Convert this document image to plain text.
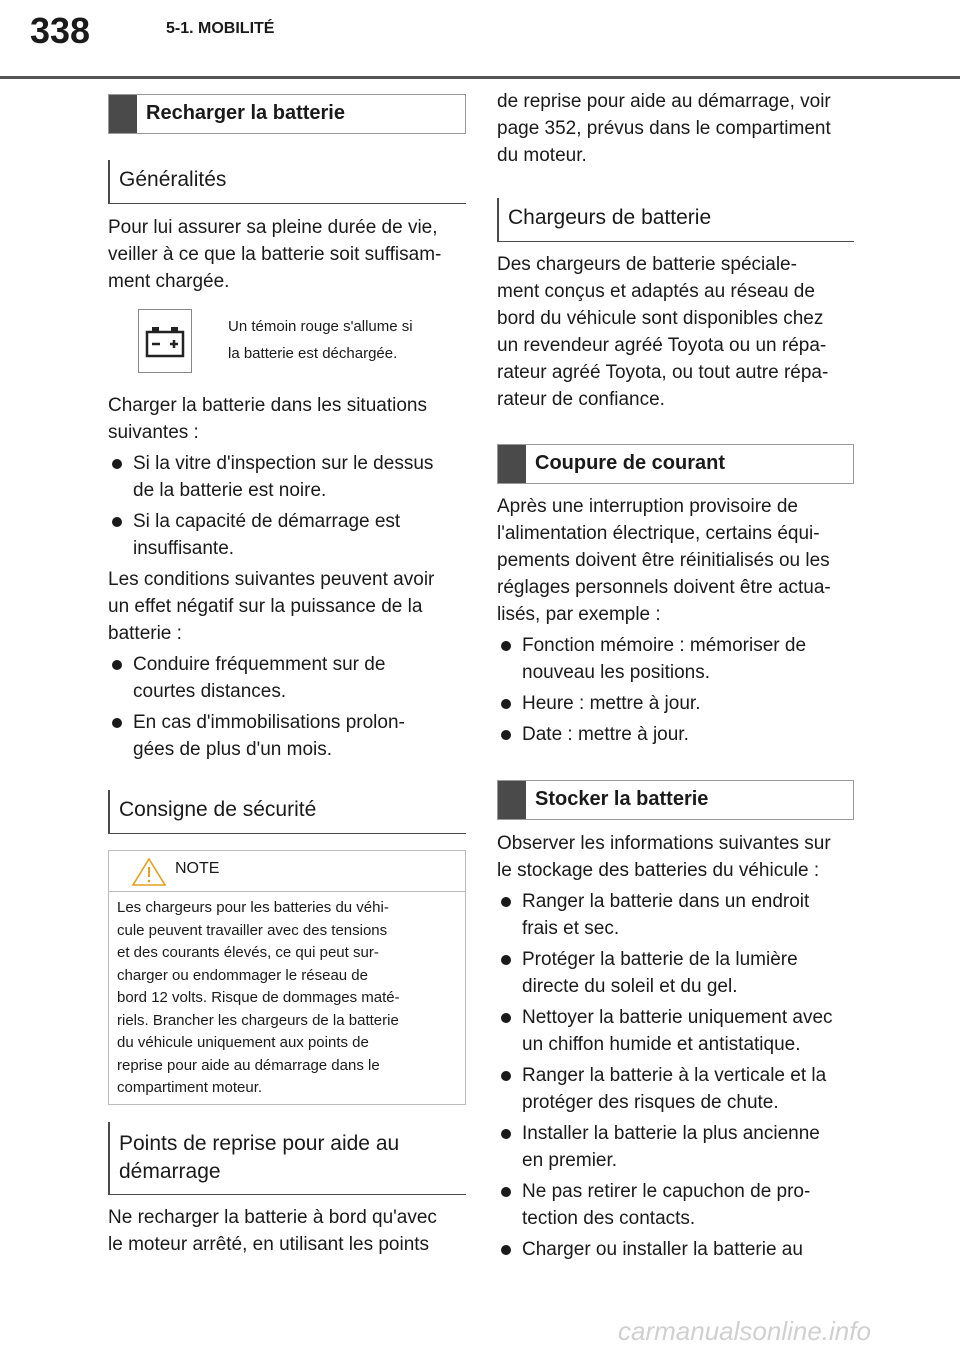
338	5-1. MOBILITÉ
Recharger la batterie
Généralités
Pour lui assurer sa pleine durée de vie,
veiller à ce que la batterie soit suffisam-
ment chargée.
Un témoin rouge s'allume si
la batterie est déchargée.
Charger la batterie dans les situations
suivantes :
Si la vitre d'inspection sur le dessus
de la batterie est noire.
Si la capacité de démarrage est
insuffisante.
Les conditions suivantes peuvent avoir
un effet négatif sur la puissance de la
batterie :
Conduire fréquemment sur de
courtes distances.
En cas d'immobilisations prolon-
gées de plus d'un mois.
Consigne de sécurité
NOTE
Les chargeurs pour les batteries du véhi-
cule peuvent travailler avec des tensions
et des courants élevés, ce qui peut sur-
charger ou endommager le réseau de
bord 12 volts. Risque de dommages maté-
riels. Brancher les chargeurs de la batterie
du véhicule uniquement aux points de
reprise pour aide au démarrage dans le
compartiment moteur.
Points de reprise pour aide au
démarrage
Ne recharger la batterie à bord qu'avec
le moteur arrêté, en utilisant les points
de reprise pour aide au démarrage, voir
page 352, prévus dans le compartiment
du moteur.
Chargeurs de batterie
Des chargeurs de batterie spéciale-
ment conçus et adaptés au réseau de
bord du véhicule sont disponibles chez
un revendeur agréé Toyota ou un répa-
rateur agréé Toyota, ou tout autre répa-
rateur de confiance.
Coupure de courant
Après une interruption provisoire de
l'alimentation électrique, certains équi-
pements doivent être réinitialisés ou les
réglages personnels doivent être actua-
lisés, par exemple :
Fonction mémoire : mémoriser de
nouveau les positions.
Heure : mettre à jour.
Date : mettre à jour.
Stocker la batterie
Observer les informations suivantes sur
le stockage des batteries du véhicule :
Ranger la batterie dans un endroit
frais et sec.
Protéger la batterie de la lumière
directe du soleil et du gel.
Nettoyer la batterie uniquement avec
un chiffon humide et antistatique.
Ranger la batterie à la verticale et la
protéger des risques de chute.
Installer la batterie la plus ancienne
en premier.
Ne pas retirer le capuchon de pro-
tection des contacts.
Charger ou installer la batterie au
carmanualsonline.info
